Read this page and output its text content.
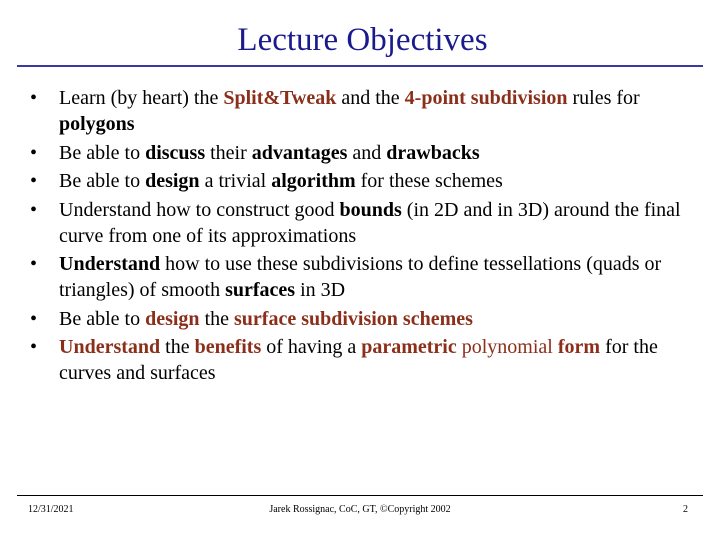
Lecture Objectives
•	Learn (by heart) the Split&Tweak and the 4-point subdivision rules for polygons
•	Be able to discuss their advantages and drawbacks
•	Be able to design a trivial algorithm for these schemes
•	Understand how to construct good bounds (in 2D and in 3D) around the final curve from one of its approximations
•	Understand how to use these subdivisions to define tessellations (quads or triangles) of smooth surfaces in 3D
•	Be able to design the surface subdivision schemes
•	Understand the benefits of having a parametric polynomial form for the curves and surfaces
12/31/2021	Jarek Rossignac, CoC, GT, ©Copyright 2002	2
